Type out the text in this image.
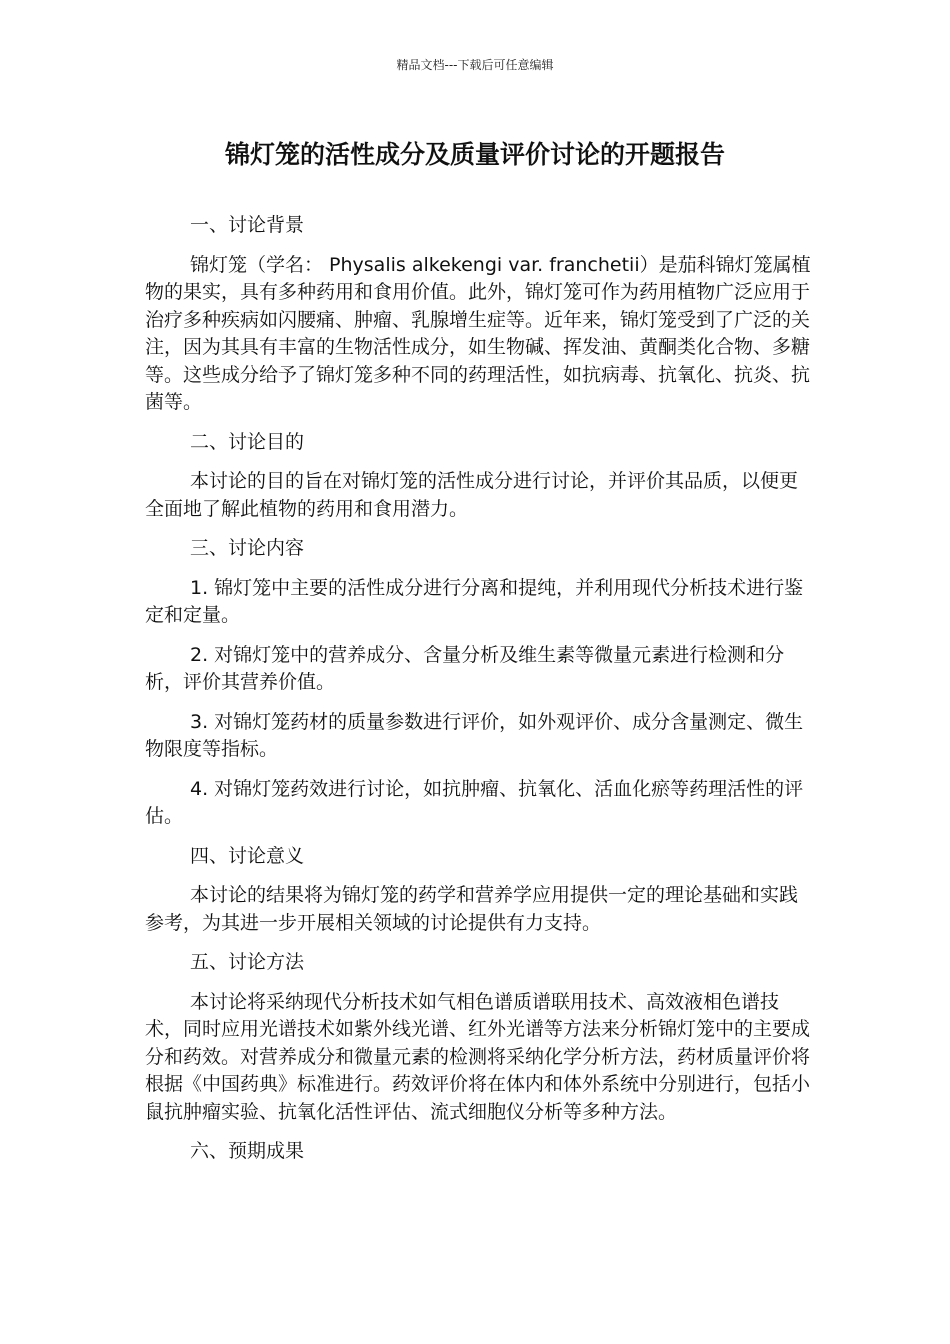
精品文档---下载后可任意编辑
锦灯笼的活性成分及质量评价讨论的开题报告
一、讨论背景

锦灯笼（学名： Physalis alkekengi var. franchetii）是茄科锦灯笼属植物的果实，具有多种药用和食用价值。此外，锦灯笼可作为药用植物广泛应用于治疗多种疾病如闪腰痛、肿瘤、乳腺增生症等。近年来，锦灯笼受到了广泛的关注，因为其具有丰富的生物活性成分，如生物碱、挥发油、黄酮类化合物、多糖等。这些成分给予了锦灯笼多种不同的药理活性，如抗病毒、抗氧化、抗炎、抗菌等。

二、讨论目的

本讨论的目的旨在对锦灯笼的活性成分进行讨论，并评价其品质，以便更全面地了解此植物的药用和食用潜力。

三、讨论内容

1. 锦灯笼中主要的活性成分进行分离和提纯，并利用现代分析技术进行鉴定和定量。

2. 对锦灯笼中的营养成分、含量分析及维生素等微量元素进行检测和分析，评价其营养价值。

3. 对锦灯笼药材的质量参数进行评价，如外观评价、成分含量测定、微生物限度等指标。

4. 对锦灯笼药效进行讨论，如抗肿瘤、抗氧化、活血化瘀等药理活性的评估。

四、讨论意义

本讨论的结果将为锦灯笼的药学和营养学应用提供一定的理论基础和实践参考，为其进一步开展相关领域的讨论提供有力支持。

五、讨论方法

本讨论将采纳现代分析技术如气相色谱质谱联用技术、高效液相色谱技术，同时应用光谱技术如紫外线光谱、红外光谱等方法来分析锦灯笼中的主要成分和药效。对营养成分和微量元素的检测将采纳化学分析方法，药材质量评价将根据《中国药典》标准进行。药效评价将在体内和体外系统中分别进行，包括小鼠抗肿瘤实验、抗氧化活性评估、流式细胞仪分析等多种方法。

六、预期成果
